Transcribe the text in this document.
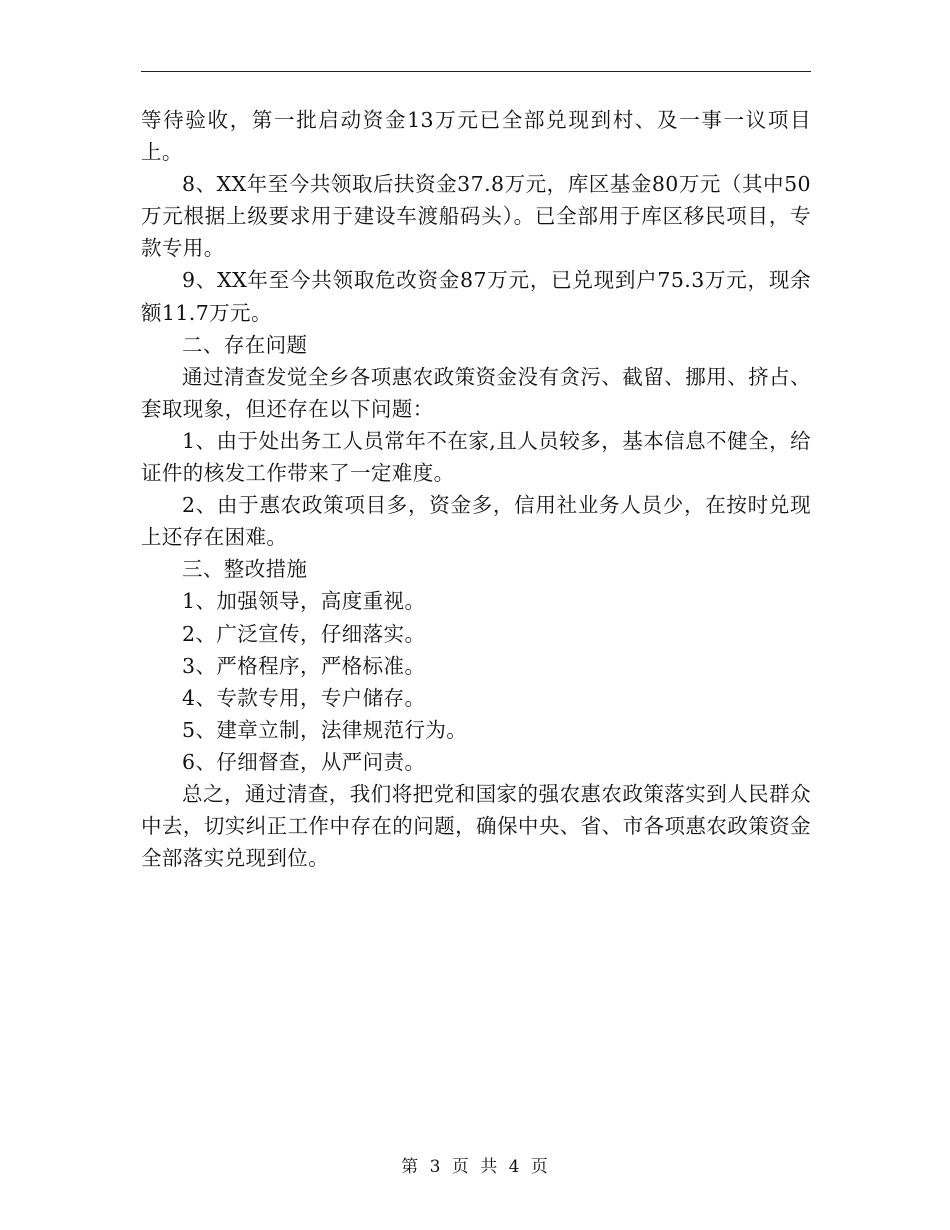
等待验收，第一批启动资金13万元已全部兑现到村、及一事一议项目上。

8、XX年至今共领取后扶资金37.8万元，库区基金80万元（其中50万元根据上级要求用于建设车渡船码头）。已全部用于库区移民项目，专款专用。

9、XX年至今共领取危改资金87万元，已兑现到户75.3万元，现余额11.7万元。

二、存在问题

通过清查发觉全乡各项惠农政策资金没有贪污、截留、挪用、挤占、套取现象，但还存在以下问题：

1、由于处出务工人员常年不在家,且人员较多，基本信息不健全，给证件的核发工作带来了一定难度。

2、由于惠农政策项目多，资金多，信用社业务人员少，在按时兑现上还存在困难。

三、整改措施

1、加强领导，高度重视。

2、广泛宣传，仔细落实。

3、严格程序，严格标准。

4、专款专用，专户储存。

5、建章立制，法律规范行为。

6、仔细督查，从严问责。

总之，通过清查，我们将把党和国家的强农惠农政策落实到人民群众中去，切实纠正工作中存在的问题，确保中央、省、市各项惠农政策资金全部落实兑现到位。

第 3 页 共 4 页
